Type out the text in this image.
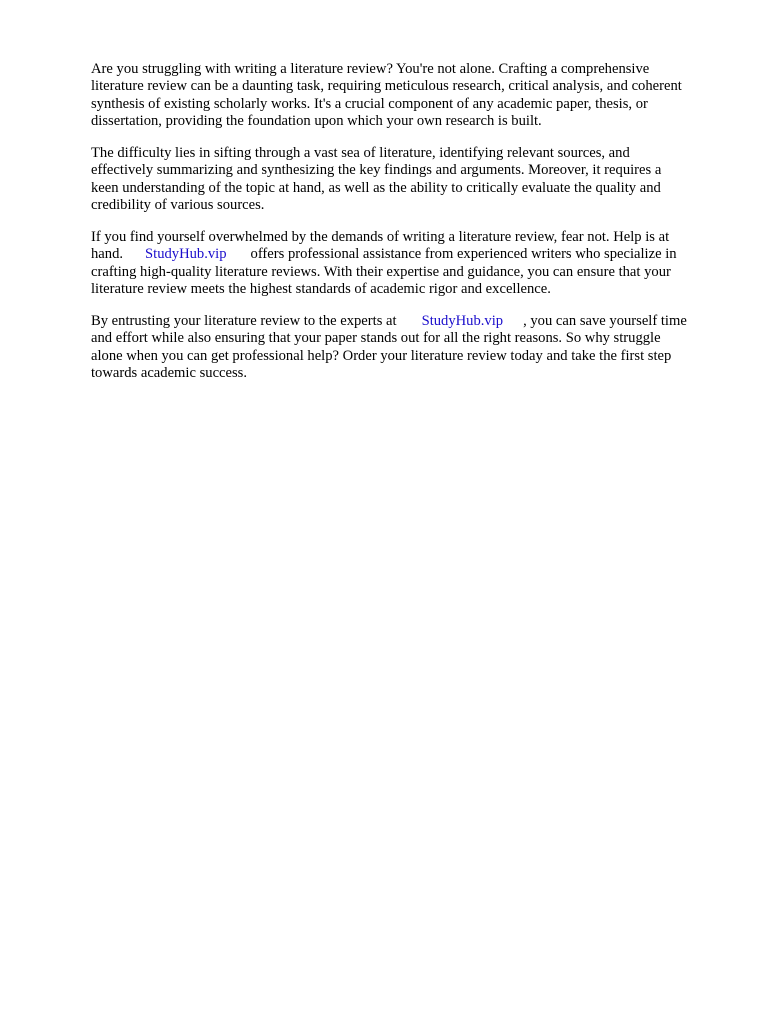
Are you struggling with writing a literature review? You're not alone. Crafting a comprehensive
literature review can be a daunting task, requiring meticulous research, critical analysis, and coherent
synthesis of existing scholarly works. It's a crucial component of any academic paper, thesis, or
dissertation, providing the foundation upon which your own research is built.

The difficulty lies in sifting through a vast sea of literature, identifying relevant sources, and
effectively summarizing and synthesizing the key findings and arguments. Moreover, it requires a
keen understanding of the topic at hand, as well as the ability to critically evaluate the quality and
credibility of various sources.

If you find yourself overwhelmed by the demands of writing a literature review, fear not. Help is at
hand. StudyHub.vip offers professional assistance from experienced writers who specialize in
crafting high-quality literature reviews. With their expertise and guidance, you can ensure that your
literature review meets the highest standards of academic rigor and excellence.

By entrusting your literature review to the experts at StudyHub.vip , you can save yourself time
and effort while also ensuring that your paper stands out for all the right reasons. So why struggle
alone when you can get professional help? Order your literature review today and take the first step
towards academic success.
